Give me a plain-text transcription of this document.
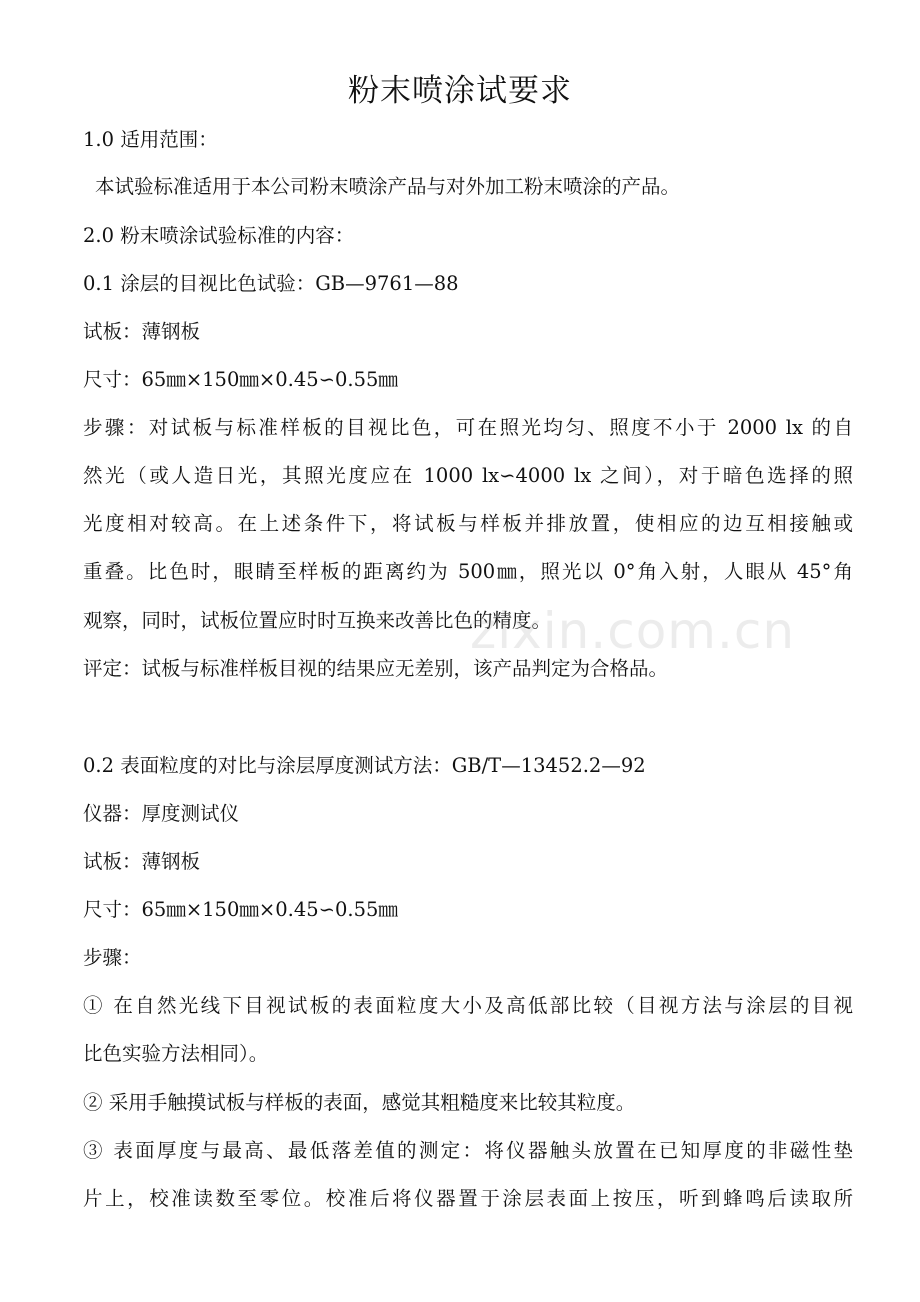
粉末喷涂试要求
1.0 适用范围：
本试验标准适用于本公司粉末喷涂产品与对外加工粉末喷涂的产品。
2.0 粉末喷涂试验标准的内容：
0.1 涂层的目视比色试验：GB—9761—88
试板：薄钢板
尺寸：65㎜×150㎜×0.45∽0.55㎜
步骤：对试板与标准样板的目视比色，可在照光均匀、照度不小于 2000 lx 的自
然光（或人造日光，其照光度应在 1000 lx∽4000 lx 之间），对于暗色选择的照
光度相对较高。在上述条件下，将试板与样板并排放置，使相应的边互相接触或
重叠。比色时，眼睛至样板的距离约为 500㎜，照光以 0°角入射，人眼从 45°角
观察，同时，试板位置应时时互换来改善比色的精度。
评定：试板与标准样板目视的结果应无差别，该产品判定为合格品。
0.2 表面粒度的对比与涂层厚度测试方法：GB/T—13452.2—92
仪器：厚度测试仪
试板：薄钢板
尺寸：65㎜×150㎜×0.45∽0.55㎜
步骤：
① 在自然光线下目视试板的表面粒度大小及高低部比较（目视方法与涂层的目视
比色实验方法相同）。
② 采用手触摸试板与样板的表面，感觉其粗糙度来比较其粒度。
③ 表面厚度与最高、最低落差值的测定：将仪器触头放置在已知厚度的非磁性垫
片上，校准读数至零位。校准后将仪器置于涂层表面上按压，听到蜂鸣后读取所
zixin.com.cn
